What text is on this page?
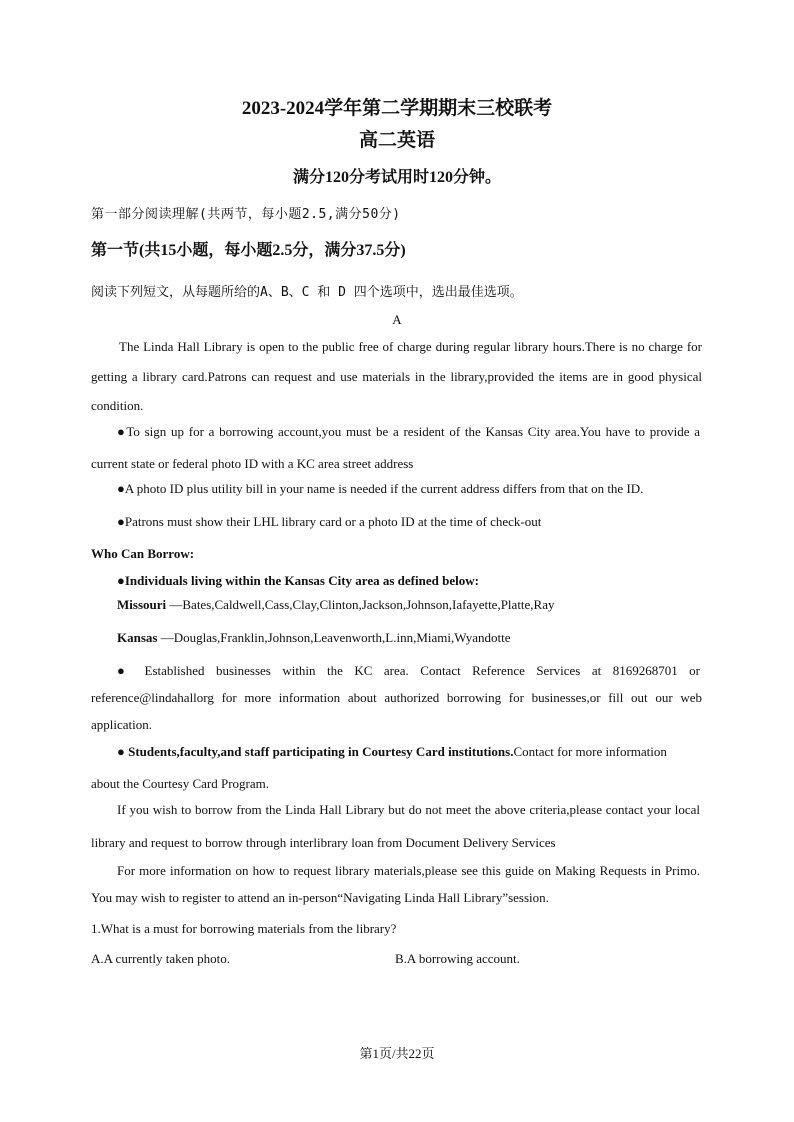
2023-2024学年第二学期期末三校联考
高二英语
满分120分考试用时120分钟。
第一部分阅读理解(共两节，每小题2.5,满分50分)
第一节(共15小题，每小题2.5分，满分37.5分)
阅读下列短文，从每题所给的A、B、C 和 D 四个选项中，选出最佳选项。
A
The Linda Hall Library is open to the public free of charge during regular library hours.There is no charge for
getting a library card.Patrons can request and use materials in the library,provided the items are in good physical
condition.
●To sign up for a borrowing account,you must be a resident of the Kansas City area.You have to provide a
current state or federal photo ID with a KC area street address
●A photo ID plus utility bill in your name is needed if the current address differs from that on the ID.
●Patrons must show their LHL library card or a photo ID at the time of check-out
Who Can Borrow:
●Individuals living within the Kansas City area as defined below:
Missouri —Bates,Caldwell,Cass,Clay,Clinton,Jackson,Johnson,Iafayette,Platte,Ray
Kansas —Douglas,Franklin,Johnson,Leavenworth,L.inn,Miami,Wyandotte
● Established businesses within the KC area. Contact Reference Services at 8169268701 or
reference@lindahallorg for more information about authorized borrowing for businesses,or fill out our web
application.
● Students,faculty,and staff participating in Courtesy Card institutions.Contact for more information
about the Courtesy Card Program.
If you wish to borrow from the Linda Hall Library but do not meet the above criteria,please contact your local
library and request to borrow through interlibrary loan from Document Delivery Services
For more information on how to request library materials,please see this guide on Making Requests in Primo.
You may wish to register to attend an in-person“Navigating Linda Hall Library”session.
1.What is a must for borrowing materials from the library?
A.A currently taken photo.	B.A borrowing account.
第1页/共22页
